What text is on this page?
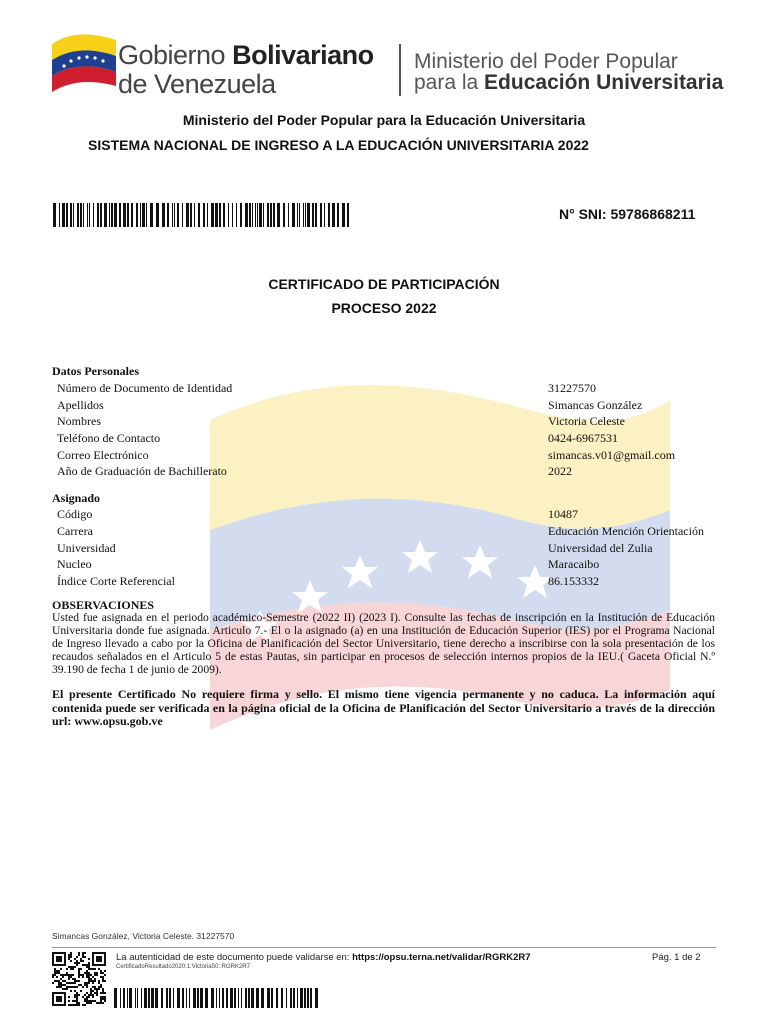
Gobierno Bolivariano
de Venezuela
Ministerio del Poder Popular
para la Educación Universitaria
Ministerio del Poder Popular para la Educación Universitaria
SISTEMA NACIONAL DE INGRESO A LA EDUCACIÓN UNIVERSITARIA 2022
N° SNI: 59786868211
CERTIFICADO DE PARTICIPACIÓN
PROCESO 2022
Datos Personales
Número de Documento de Identidad	31227570
Apellidos	Simancas González
Nombres	Victoria Celeste
Teléfono de Contacto	0424-6967531
Correo Electrónico	simancas.v01@gmail.com
Año de Graduación de Bachillerato	2022
Asignado
Código	10487
Carrera	Educación Mención Orientación
Universidad	Universidad del Zulia
Nucleo	Maracaibo
Índice Corte Referencial	86.153332
OBSERVACIONES
Usted fue asignada en el periodo académico-Semestre (2022 II) (2023 I). Consulte las fechas de inscripción en la Institución de Educación Universitaria donde fue asignada. Articulo 7.- El o la asignado (a) en una Institución de Educación Superior (IES) por el Programa Nacional de Ingreso llevado a cabo por la Oficina de Planificación del Sector Universitario, tiene derecho a inscribirse con la sola presentación de los recaudos señalados en el Articulo 5 de estas Pautas, sin participar en procesos de selección internos propios de la IEU.( Gaceta Oficial N.º 39.190 de fecha 1 de junio de 2009).
El presente Certificado No requiere firma y sello. El mismo tiene vigencia permanente y no caduca. La información aquí contenida puede ser verificada en la página oficial de la Oficina de Planificación del Sector Universitario a través de la dirección url: www.opsu.gob.ve
Simancas González, Victoria Celeste. 31227570
La autenticidad de este documento puede validarse en: https://opsu.terna.net/validar/RGRK2R7
CertificadoResultado2020:1:Victoria50::RGRK2R7
Pág. 1 de 2
